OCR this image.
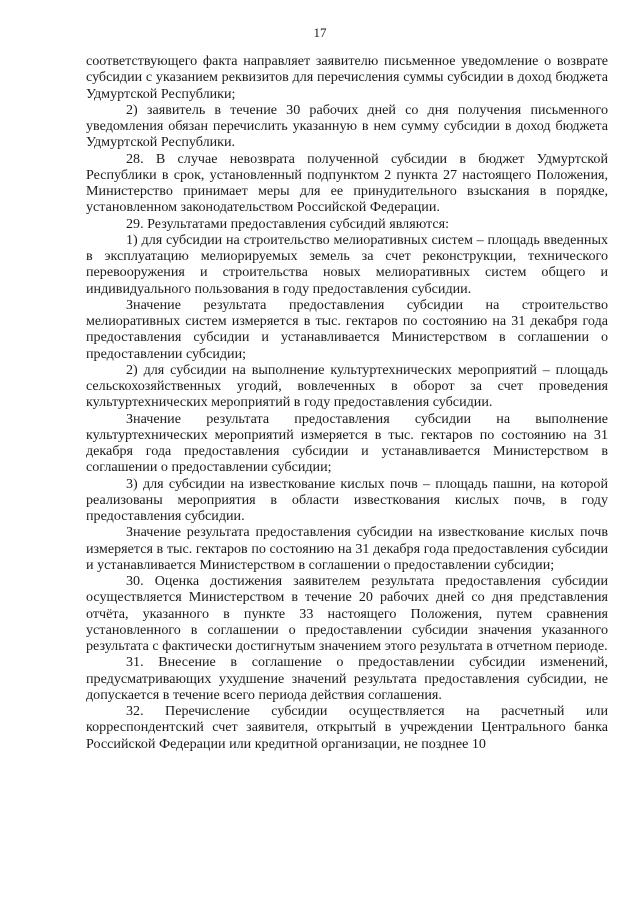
17

соответствующего факта направляет заявителю письменное уведомление о возврате субсидии с указанием реквизитов для перечисления суммы субсидии в доход бюджета Удмуртской Республики;

2) заявитель в течение 30 рабочих дней со дня получения письменного уведомления обязан перечислить указанную в нем сумму субсидии в доход бюджета Удмуртской Республики.

28. В случае невозврата полученной субсидии в бюджет Удмуртской Республики в срок, установленный подпунктом 2 пункта 27 настоящего Положения, Министерство принимает меры для ее принудительного взыскания в порядке, установленном законодательством Российской Федерации.

29. Результатами предоставления субсидий являются:

1) для субсидии на строительство мелиоративных систем – площадь введенных в эксплуатацию мелиорируемых земель за счет реконструкции, технического перевооружения и строительства новых мелиоративных систем общего и индивидуального пользования в году предоставления субсидии.

Значение результата предоставления субсидии на строительство мелиоративных систем измеряется в тыс. гектаров по состоянию на 31 декабря года предоставления субсидии и устанавливается Министерством в соглашении о предоставлении субсидии;

2) для субсидии на выполнение культуртехнических мероприятий – площадь сельскохозяйственных угодий, вовлеченных в оборот за счет проведения культуртехнических мероприятий в году предоставления субсидии.

Значение результата предоставления субсидии на выполнение культуртехнических мероприятий измеряется в тыс. гектаров по состоянию на 31 декабря года предоставления субсидии и устанавливается Министерством в соглашении о предоставлении субсидии;

3) для субсидии на известкование кислых почв – площадь пашни, на которой реализованы мероприятия в области известкования кислых почв, в году предоставления субсидии.

Значение результата предоставления субсидии на известкование кислых почв измеряется в тыс. гектаров по состоянию на 31 декабря года предоставления субсидии и устанавливается Министерством в соглашении о предоставлении субсидии;

30. Оценка достижения заявителем результата предоставления субсидии осуществляется Министерством в течение 20 рабочих дней со дня представления отчёта, указанного в пункте 33 настоящего Положения, путем сравнения установленного в соглашении о предоставлении субсидии значения указанного результата с фактически достигнутым значением этого результата в отчетном периоде.

31. Внесение в соглашение о предоставлении субсидии изменений, предусматривающих ухудшение значений результата предоставления субсидии, не допускается в течение всего периода действия соглашения.

32. Перечисление субсидии осуществляется на расчетный или корреспондентский счет заявителя, открытый в учреждении Центрального банка Российской Федерации или кредитной организации, не позднее 10
